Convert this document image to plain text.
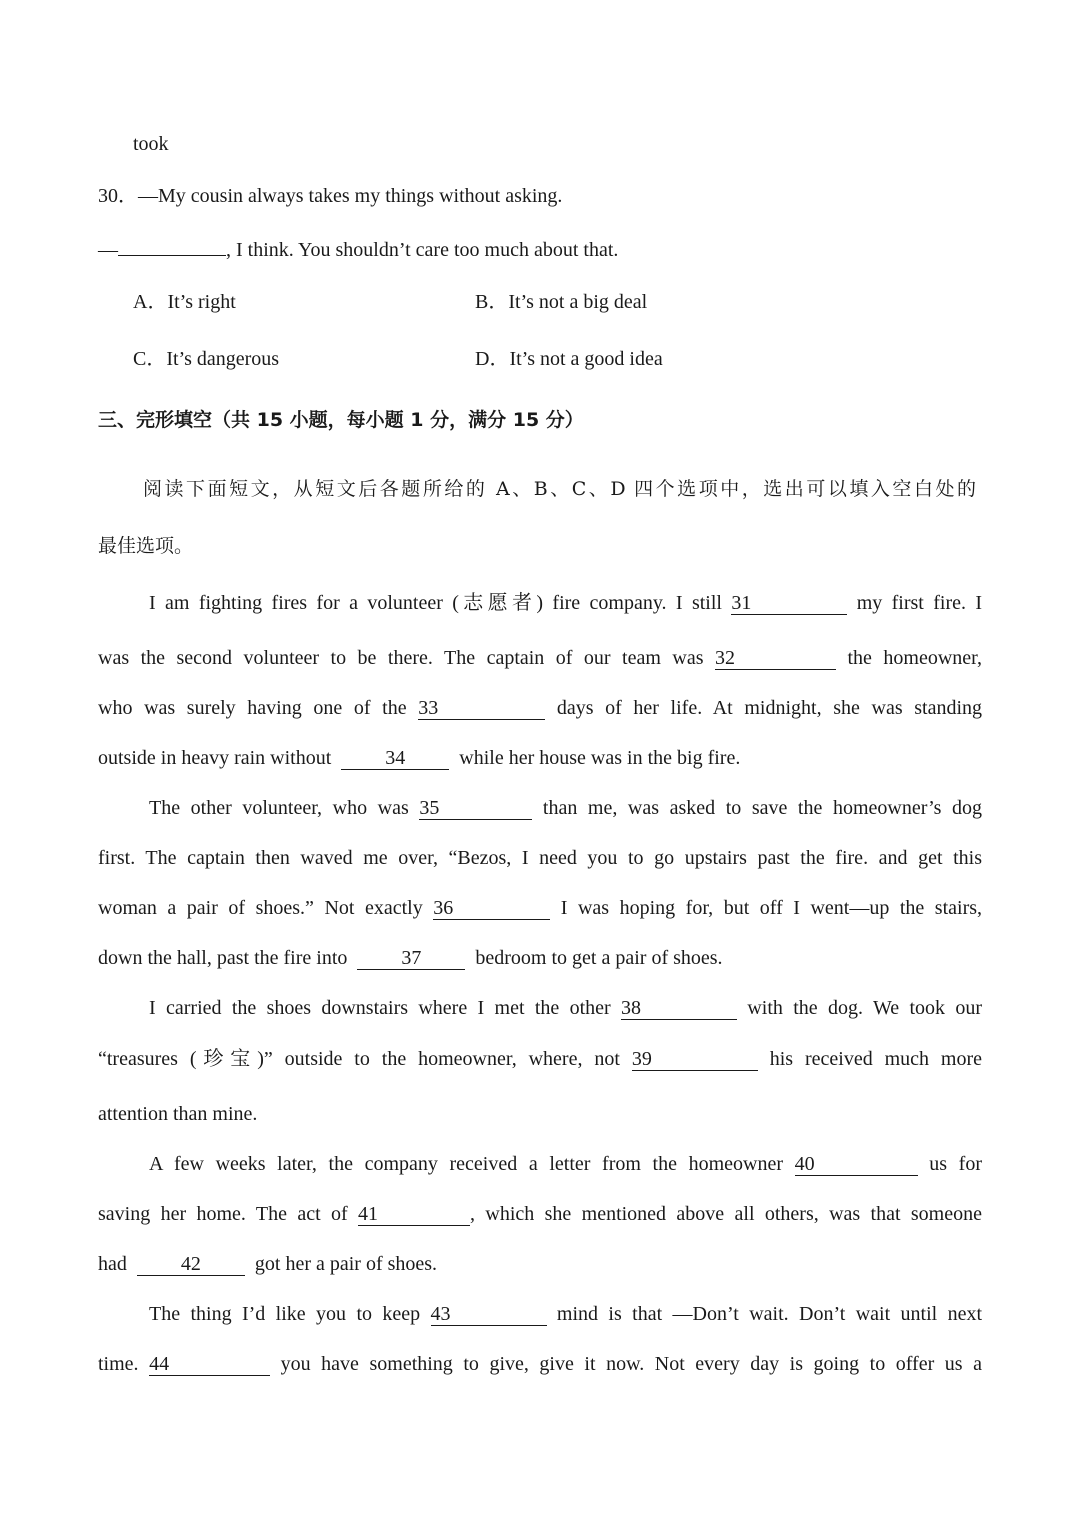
took
30．—My cousin always takes my things without asking.
—	, I think. You shouldn’t care too much about that.
A．It’s right	B．It’s not a big deal
C．It’s dangerous	D．It’s not a good idea
三、完形填空（共 15 小题，每小题 1 分，满分 15 分）
阅读下面短文，从短文后各题所给的 A、B、C、D 四个选项中，选出可以填入空白处的
最佳选项。
I am fighting fires for a volunteer (志愿者) fire company. I still 31	my first fire. I
was the second volunteer to be there. The captain of our team was 32	the homeowner,
who was surely having one of the 33	days of her life. At midnight, she was standing
outside in heavy rain without	34	while her house was in the big fire.
The other volunteer, who was 35	than me, was asked to save the homeowner’s dog
first. The captain then waved me over, “Bezos, I need you to go upstairs past the fire. and get this
woman a pair of shoes.” Not exactly 36	I was hoping for, but off I went—up the stairs,
down the hall, past the fire into	37	bedroom to get a pair of shoes.
I carried the shoes downstairs where I met the other 38	with the dog. We took our
“treasures (珍宝)” outside to the homeowner, where, not 39	his received much more
attention than mine.
A few weeks later, the company received a letter from the homeowner 40	us for
saving her home. The act of 41	, which she mentioned above all others, was that someone
had	42	got her a pair of shoes.
The thing I’d like you to keep 43	mind is that —Don’t wait. Don’t wait until next
time. 44	you have something to give, give it now. Not every day is going to offer us a
